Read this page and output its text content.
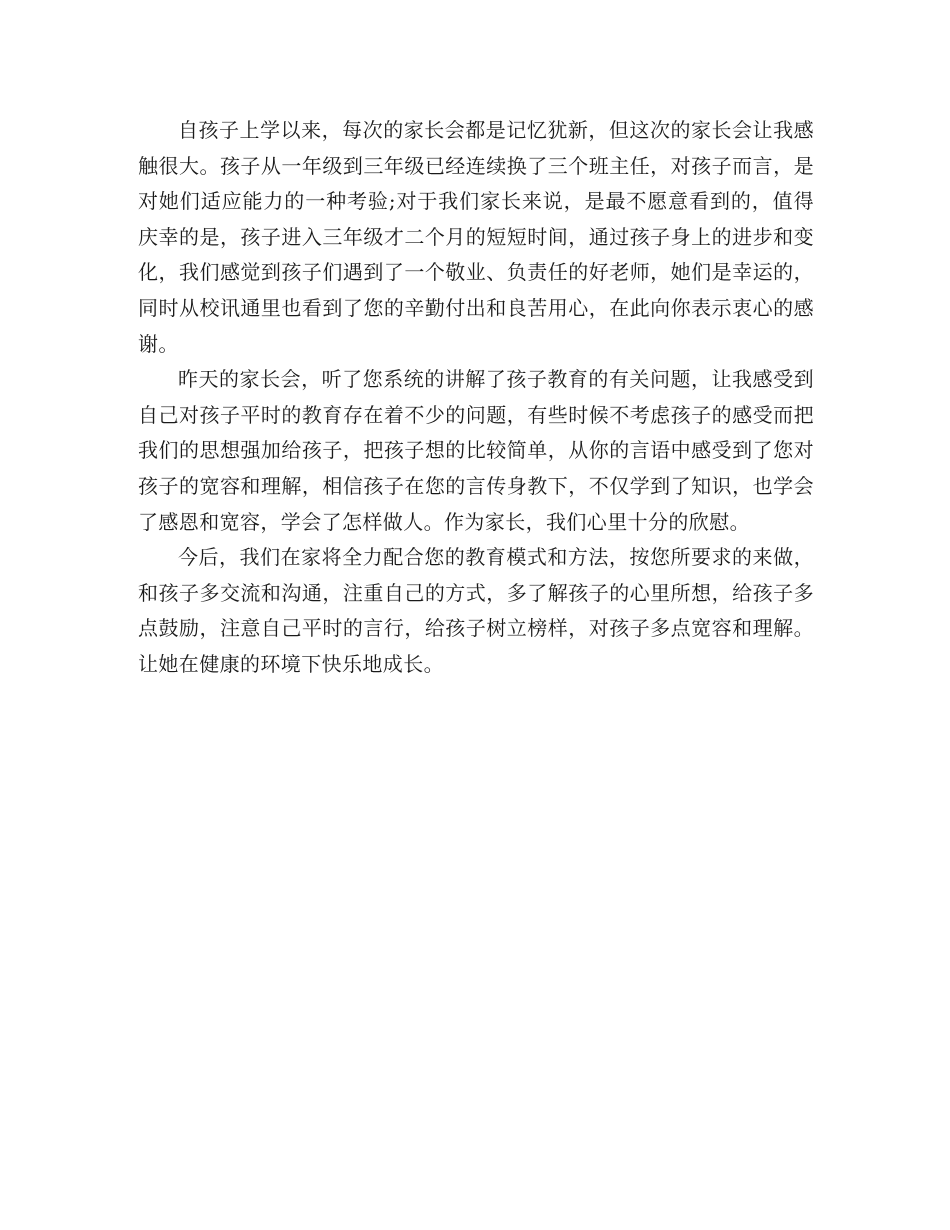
自孩子上学以来，每次的家长会都是记忆犹新，但这次的家长会让我感触很大。孩子从一年级到三年级已经连续换了三个班主任，对孩子而言，是对她们适应能力的一种考验;对于我们家长来说，是最不愿意看到的，值得庆幸的是，孩子进入三年级才二个月的短短时间，通过孩子身上的进步和变化，我们感觉到孩子们遇到了一个敬业、负责任的好老师，她们是幸运的，同时从校讯通里也看到了您的辛勤付出和良苦用心，在此向你表示衷心的感谢。

昨天的家长会，听了您系统的讲解了孩子教育的有关问题，让我感受到自己对孩子平时的教育存在着不少的问题，有些时候不考虑孩子的感受而把我们的思想强加给孩子，把孩子想的比较简单，从你的言语中感受到了您对孩子的宽容和理解，相信孩子在您的言传身教下，不仅学到了知识，也学会了感恩和宽容，学会了怎样做人。作为家长，我们心里十分的欣慰。

今后，我们在家将全力配合您的教育模式和方法，按您所要求的来做，和孩子多交流和沟通，注重自己的方式，多了解孩子的心里所想，给孩子多点鼓励，注意自己平时的言行，给孩子树立榜样，对孩子多点宽容和理解。让她在健康的环境下快乐地成长。
